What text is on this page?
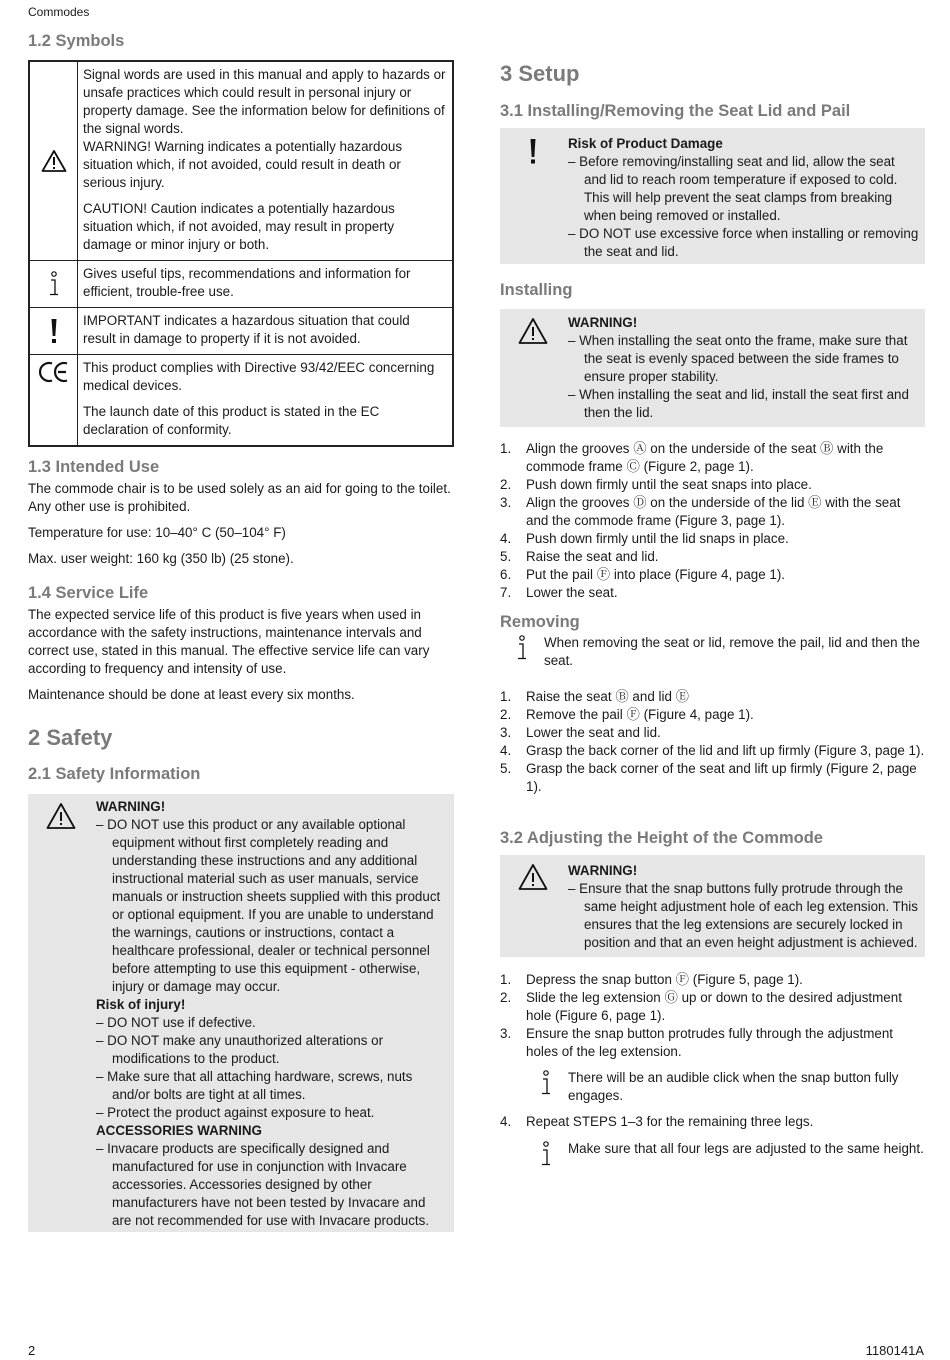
Commodes
1.2 Symbols

Signal words are used in this manual and apply to hazards or unsafe practices which could result in personal injury or property damage. See the information below for definitions of the signal words.

WARNING! Warning indicates a potentially hazardous situation which, if not avoided, could result in death or serious injury.

CAUTION! Caution indicates a potentially hazardous situation which, if not avoided, may result in property damage or minor injury or both.

Gives useful tips, recommendations and information for efficient, trouble-free use.

IMPORTANT indicates a hazardous situation that could result in damage to property if it is not avoided.

This product complies with Directive 93/42/EEC concerning medical devices.

The launch date of this product is stated in the EC declaration of conformity.

1.3 Intended Use

The commode chair is to be used solely as an aid for going to the toilet. Any other use is prohibited.

Temperature for use: 10–40° C (50–104° F)

Max. user weight: 160 kg (350 lb) (25 stone).

1.4 Service Life

The expected service life of this product is five years when used in accordance with the safety instructions, maintenance intervals and correct use, stated in this manual. The effective service life can vary according to frequency and intensity of use.

Maintenance should be done at least every six months.

2 Safety
2.1 Safety Information

WARNING!

– DO NOT use this product or any available optional equipment without first completely reading and understanding these instructions and any additional instructional material such as user manuals, service manuals or instruction sheets supplied with this product or optional equipment. If you are unable to understand the warnings, cautions or instructions, contact a healthcare professional, dealer or technical personnel before attempting to use this equipment - otherwise, injury or damage may occur.

Risk of injury!

– DO NOT use if defective.

– DO NOT make any unauthorized alterations or modifications to the product.

– Make sure that all attaching hardware, screws, nuts and/or bolts are tight at all times.

– Protect the product against exposure to heat.

ACCESSORIES WARNING

– Invacare products are specifically designed and manufactured for use in conjunction with Invacare accessories. Accessories designed by other manufacturers have not been tested by Invacare and are not recommended for use with Invacare products.

3 Setup
3.1 Installing/Removing the Seat Lid and Pail

Risk of Product Damage

– Before removing/installing seat and lid, allow the seat and lid to reach room temperature if exposed to cold. This will help prevent the seat clamps from breaking when being removed or installed.

– DO NOT use excessive force when installing or removing the seat and lid.

Installing

WARNING!

– When installing the seat onto the frame, make sure that the seat is evenly spaced between the side frames to ensure proper stability.

– When installing the seat and lid, install the seat first and then the lid.

1.	Align the grooves Ⓐ on the underside of the seat Ⓑ with the commode frame Ⓒ (Figure 2, page 1).
2.	Push down firmly until the seat snaps into place.
3.	Align the grooves Ⓓ on the underside of the lid Ⓔ with the seat and the commode frame (Figure 3, page 1).
4.	Push down firmly until the lid snaps in place.
5.	Raise the seat and lid.
6.	Put the pail Ⓕ into place (Figure 4, page 1).
7.	Lower the seat.
Removing

When removing the seat or lid, remove the pail, lid and then the seat.

1.	Raise the seat Ⓑ and lid Ⓔ
2.	Remove the pail Ⓕ (Figure 4, page 1).
3.	Lower the seat and lid.
4.	Grasp the back corner of the lid and lift up firmly (Figure 3, page 1).
5.	Grasp the back corner of the seat and lift up firmly (Figure 2, page 1).
3.2 Adjusting the Height of the Commode

WARNING!

– Ensure that the snap buttons fully protrude through the same height adjustment hole of each leg extension. This ensures that the leg extensions are securely locked in position and that an even height adjustment is achieved.

1.	Depress the snap button Ⓕ (Figure 5, page 1).
2.	Slide the leg extension Ⓖ up or down to the desired adjustment hole (Figure 6, page 1).
3.	Ensure the snap button protrudes fully through the adjustment holes of the leg extension.

There will be an audible click when the snap button fully engages.

4.	Repeat STEPS 1–3 for the remaining three legs.

Make sure that all four legs are adjusted to the same height.

2	1180141A
